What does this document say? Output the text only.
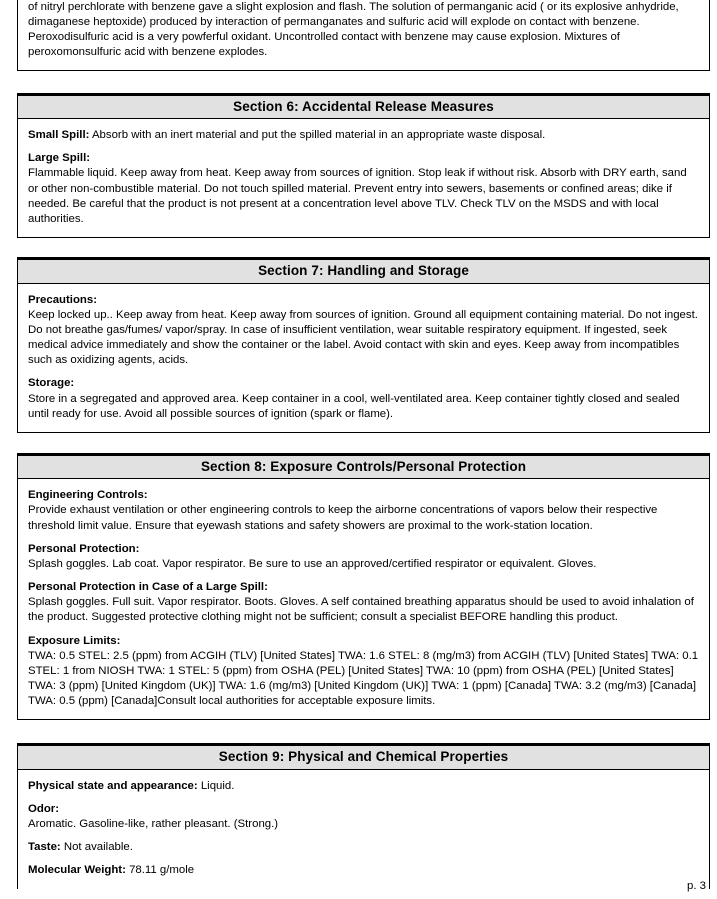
of nitryl perchlorate with benzene gave a slight explosion and flash. The solution of permanganic acid ( or its explosive anhydride, dimaganese heptoxide) produced by interaction of permanganates and sulfuric acid will explode on contact with benzene. Peroxodisulfuric acid is a very powferful oxidant. Uncontrolled contact with benzene may cause explosion. Mixtures of peroxomonsulfuric acid with benzene explodes.

Section 6: Accidental Release Measures

Small Spill: Absorb with an inert material and put the spilled material in an appropriate waste disposal.

Large Spill:
Flammable liquid. Keep away from heat. Keep away from sources of ignition. Stop leak if without risk. Absorb with DRY earth, sand or other non-combustible material. Do not touch spilled material. Prevent entry into sewers, basements or confined areas; dike if needed. Be careful that the product is not present at a concentration level above TLV. Check TLV on the MSDS and with local authorities.

Section 7: Handling and Storage

Precautions:
Keep locked up.. Keep away from heat. Keep away from sources of ignition. Ground all equipment containing material. Do not ingest. Do not breathe gas/fumes/ vapor/spray. In case of insufficient ventilation, wear suitable respiratory equipment. If ingested, seek medical advice immediately and show the container or the label. Avoid contact with skin and eyes. Keep away from incompatibles such as oxidizing agents, acids.

Storage:
Store in a segregated and approved area. Keep container in a cool, well-ventilated area. Keep container tightly closed and sealed until ready for use. Avoid all possible sources of ignition (spark or flame).

Section 8: Exposure Controls/Personal Protection

Engineering Controls:
Provide exhaust ventilation or other engineering controls to keep the airborne concentrations of vapors below their respective threshold limit value. Ensure that eyewash stations and safety showers are proximal to the work-station location.

Personal Protection:
Splash goggles. Lab coat. Vapor respirator. Be sure to use an approved/certified respirator or equivalent. Gloves.

Personal Protection in Case of a Large Spill:
Splash goggles. Full suit. Vapor respirator. Boots. Gloves. A self contained breathing apparatus should be used to avoid inhalation of the product. Suggested protective clothing might not be sufficient; consult a specialist BEFORE handling this product.

Exposure Limits:
TWA: 0.5 STEL: 2.5 (ppm) from ACGIH (TLV) [United States] TWA: 1.6 STEL: 8 (mg/m3) from ACGIH (TLV) [United States] TWA: 0.1 STEL: 1 from NIOSH TWA: 1 STEL: 5 (ppm) from OSHA (PEL) [United States] TWA: 10 (ppm) from OSHA (PEL) [United States] TWA: 3 (ppm) [United Kingdom (UK)] TWA: 1.6 (mg/m3) [United Kingdom (UK)] TWA: 1 (ppm) [Canada] TWA: 3.2 (mg/m3) [Canada] TWA: 0.5 (ppm) [Canada]Consult local authorities for acceptable exposure limits.

Section 9: Physical and Chemical Properties

Physical state and appearance: Liquid.

Odor:
Aromatic. Gasoline-like, rather pleasant. (Strong.)

Taste: Not available.

Molecular Weight: 78.11 g/mole

p. 3
